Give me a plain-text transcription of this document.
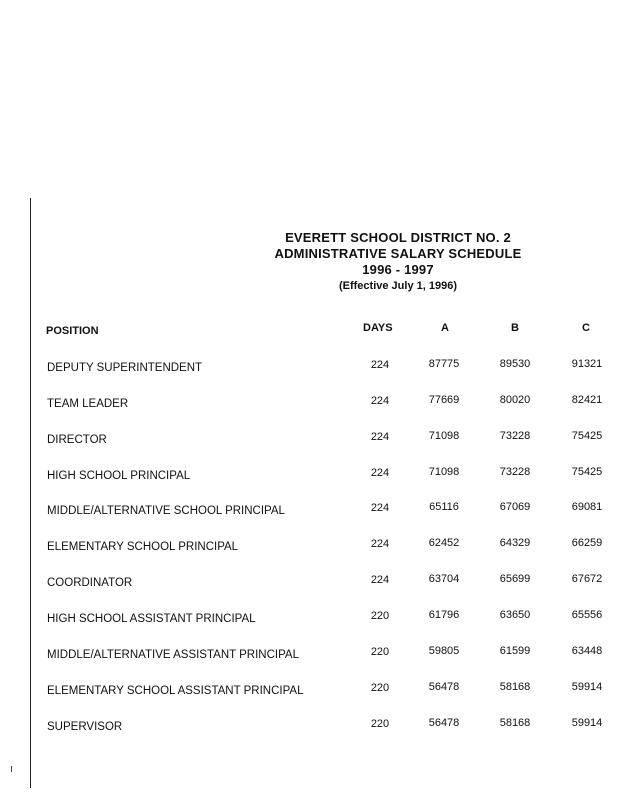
EVERETT SCHOOL DISTRICT NO. 2
ADMINISTRATIVE SALARY SCHEDULE
1996 - 1997
(Effective July 1, 1996)
POSITION	DAYS	A	B	C
DEPUTY SUPERINTENDENT	224	87775	89530	91321
TEAM LEADER	224	77669	80020	82421
DIRECTOR	224	71098	73228	75425
HIGH SCHOOL PRINCIPAL	224	71098	73228	75425
MIDDLE/ALTERNATIVE SCHOOL PRINCIPAL	224	65116	67069	69081
ELEMENTARY SCHOOL PRINCIPAL	224	62452	64329	66259
COORDINATOR	224	63704	65699	67672
HIGH SCHOOL ASSISTANT PRINCIPAL	220	61796	63650	65556
MIDDLE/ALTERNATIVE ASSISTANT PRINCIPAL	220	59805	61599	63448
ELEMENTARY SCHOOL ASSISTANT PRINCIPAL	220	56478	58168	59914
SUPERVISOR	220	56478	58168	59914
